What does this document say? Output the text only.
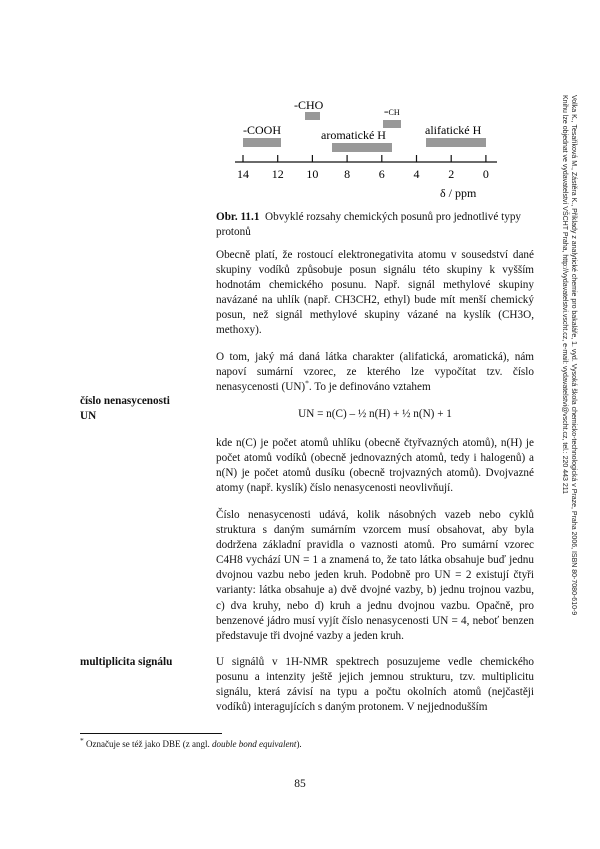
Volka K., Tesaříková M., Zástěra K., Příklady z analytické chemie pro bakaláře, 1. vyd. Vysoká škola chemicko-technologická v Praze, Praha 2006, ISBN 80-7080-610-9
Knihu lze objednat ve vydavatelství VŠCHT Praha, http://vydavatelstvi.vscht.cz, e-mail: vydavatelstvi@vscht.cz, tel.: 220 443 211
-COOH
-CHO
=CH
aromatické H	alifatické H
14 12 10 8 6 4 2 0
δ / ppm
Obr. 11.1 Obvyklé rozsahy chemických posunů pro jednotlivé typy protonů
Obecně platí, že rostoucí elektronegativita atomu v sousedství dané skupiny vodíků způsobuje posun signálu této skupiny k vyšším hodnotám chemického posunu. Např. signál methylové skupiny navázané na uhlík (např. CH3CH2, ethyl) bude mít menší chemický posun, než signál methylové skupiny vázané na kyslík (CH3O, methoxy).
O tom, jaký má daná látka charakter (alifatická, aromatická), nám napoví sumární vzorec, ze kterého lze vypočítat tzv. číslo nenasycenosti (UN)*. To je definováno vztahem
číslo nenasycenosti
UN	UN = n(C) – ½ n(H) + ½ n(N) + 1
kde n(C) je počet atomů uhlíku (obecně čtyřvazných atomů), n(H) je počet atomů vodíků (obecně jednovazných atomů, tedy i halogenů) a n(N) je počet atomů dusíku (obecně trojvazných atomů). Dvojvazné atomy (např. kyslík) číslo nenasycenosti neovlivňují.
Číslo nenasycenosti udává, kolik násobných vazeb nebo cyklů struktura s daným sumárním vzorcem musí obsahovat, aby byla dodržena základní pravidla o vaznosti atomů. Pro sumární vzorec C4H8 vychází UN = 1 a znamená to, že tato látka obsahuje buď jednu dvojnou vazbu nebo jeden kruh. Podobně pro UN = 2 existují čtyři varianty: látka obsahuje a) dvě dvojné vazby, b) jednu trojnou vazbu, c) dva kruhy, nebo d) kruh a jednu dvojnou vazbu. Opačně, pro benzenové jádro musí vyjít číslo nenasycenosti UN = 4, neboť benzen představuje tři dvojné vazby a jeden kruh.
multiplicita signálu	U signálů v 1H-NMR spektrech posuzujeme vedle chemického posunu a intenzity ještě jejich jemnou strukturu, tzv. multiplicitu signálu, která závisí na typu a počtu okolních atomů (nejčastěji vodíků) interagujících s daným protonem. V nejjednodušším
* Označuje se též jako DBE (z angl. double bond equivalent).
85
